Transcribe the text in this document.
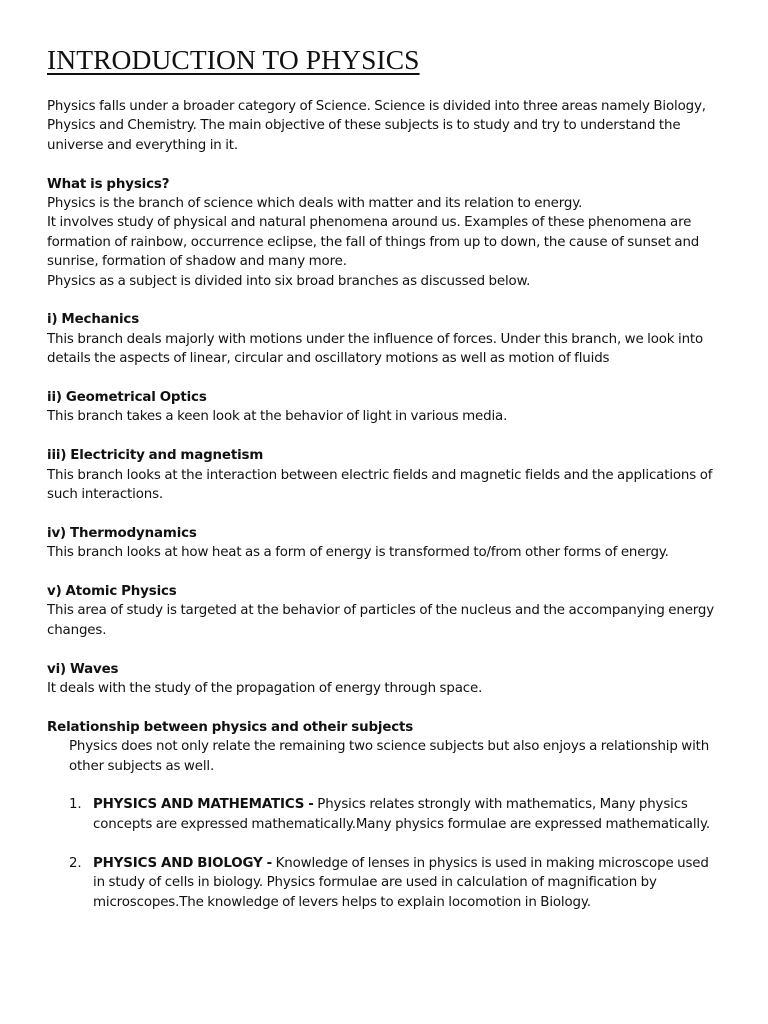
INTRODUCTION TO PHYSICS

Physics falls under a broader category of Science. Science is divided into three areas namely Biology, Physics and Chemistry. The main objective of these subjects is to study and try to understand the universe and everything in it.

What is physics?

Physics is the branch of science which deals with matter and its relation to energy.

It involves study of physical and natural phenomena around us. Examples of these phenomena are formation of rainbow, occurrence eclipse, the fall of things from up to down, the cause of sunset and sunrise, formation of shadow and many more.

Physics as a subject is divided into six broad branches as discussed below.

i) Mechanics

This branch deals majorly with motions under the influence of forces. Under this branch, we look into details the aspects of linear, circular and oscillatory motions as well as motion of fluids

ii) Geometrical Optics

This branch takes a keen look at the behavior of light in various media.

iii) Electricity and magnetism

This branch looks at the interaction between electric fields and magnetic fields and the applications of such interactions.

iv) Thermodynamics

This branch looks at how heat as a form of energy is transformed to/from other forms of energy.

v) Atomic Physics

This area of study is targeted at the behavior of particles of the nucleus and the accompanying energy changes.

vi) Waves

It deals with the study of the propagation of energy through space.

Relationship between physics and otheir subjects

Physics does not only relate the remaining two science subjects but also enjoys a relationship with other subjects as well.

1. PHYSICS AND MATHEMATICS - Physics relates strongly with mathematics, Many physics concepts are expressed mathematically.Many physics formulae are expressed mathematically.
2. PHYSICS AND BIOLOGY - Knowledge of lenses in physics is used in making microscope used in study of cells in biology. Physics formulae are used in calculation of magnification by microscopes.The knowledge of levers helps to explain locomotion in Biology.
